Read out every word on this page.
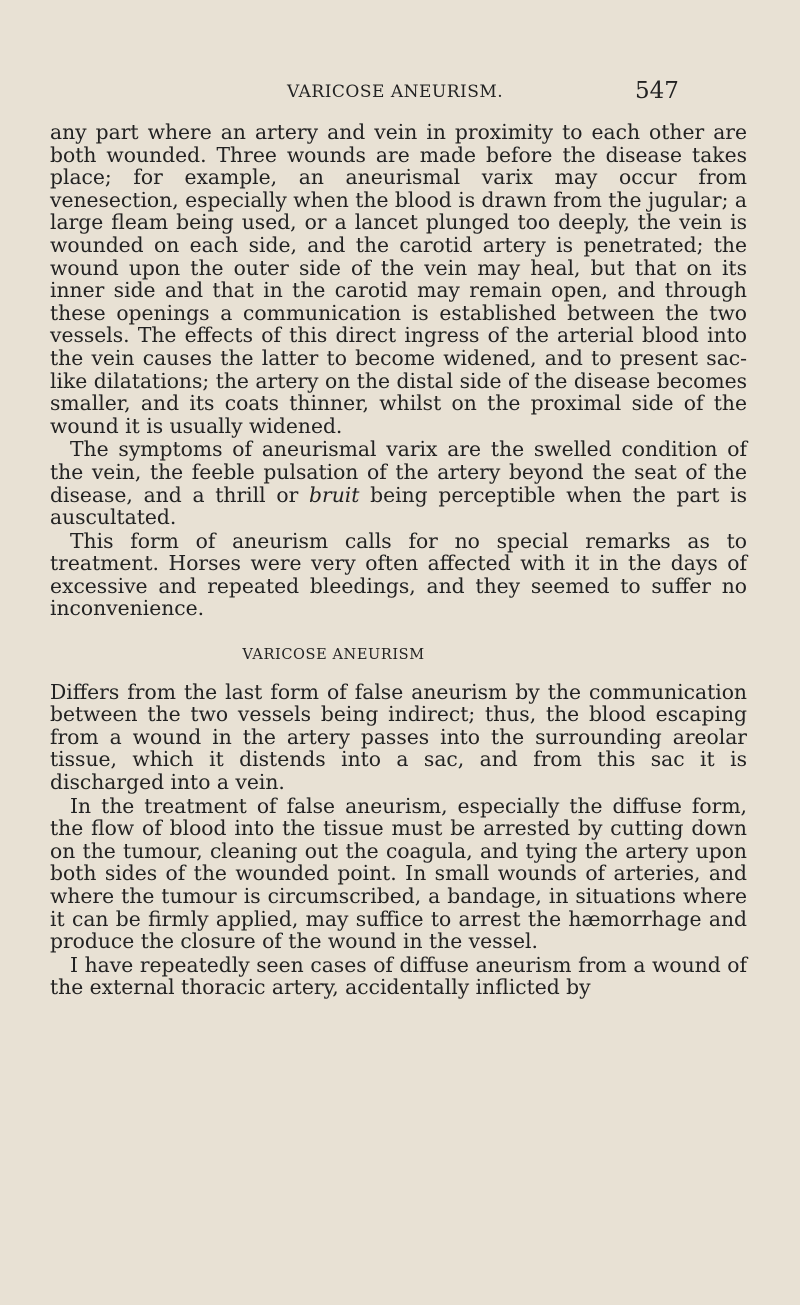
VARICOSE ANEURISM.	547

any part where an artery and vein in proximity to each other are both wounded. Three wounds are made before the disease takes place; for example, an aneurismal varix may occur from venesection, especially when the blood is drawn from the jugular; a large fleam being used, or a lancet plunged too deeply, the vein is wounded on each side, and the carotid artery is penetrated; the wound upon the outer side of the vein may heal, but that on its inner side and that in the carotid may remain open, and through these openings a communication is established between the two vessels. The effects of this direct ingress of the arterial blood into the vein causes the latter to become widened, and to present sac-like dilatations; the artery on the distal side of the disease becomes smaller, and its coats thinner, whilst on the proximal side of the wound it is usually widened.

The symptoms of aneurismal varix are the swelled condition of the vein, the feeble pulsation of the artery beyond the seat of the disease, and a thrill or bruit being perceptible when the part is auscultated.

This form of aneurism calls for no special remarks as to treatment. Horses were very often affected with it in the days of excessive and repeated bleedings, and they seemed to suffer no inconvenience.

VARICOSE ANEURISM

Differs from the last form of false aneurism by the communication between the two vessels being indirect; thus, the blood escaping from a wound in the artery passes into the surrounding areolar tissue, which it distends into a sac, and from this sac it is discharged into a vein.

In the treatment of false aneurism, especially the diffuse form, the flow of blood into the tissue must be arrested by cutting down on the tumour, cleaning out the coagula, and tying the artery upon both sides of the wounded point. In small wounds of arteries, and where the tumour is circumscribed, a bandage, in situations where it can be firmly applied, may suffice to arrest the hæmorrhage and produce the closure of the wound in the vessel.

I have repeatedly seen cases of diffuse aneurism from a wound of the external thoracic artery, accidentally inflicted by
